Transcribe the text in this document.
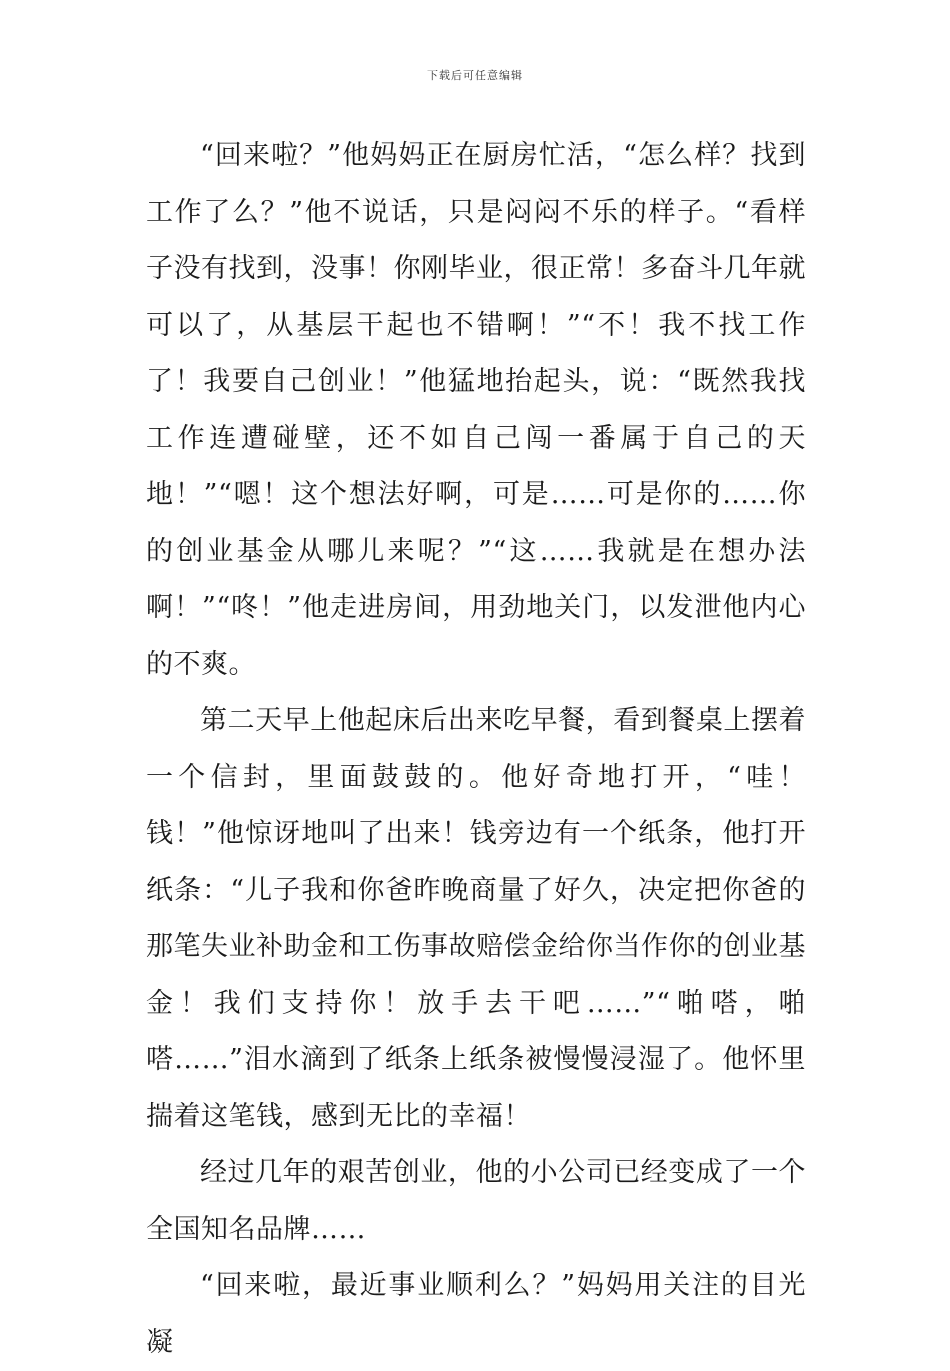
下载后可任意编辑

“回来啦？”他妈妈正在厨房忙活，“怎么样？找到工作了么？”他不说话，只是闷闷不乐的样子。“看样子没有找到，没事！你刚毕业，很正常！多奋斗几年就可以了，从基层干起也不错啊！”“不！我不找工作了！我要自己创业！”他猛地抬起头，说：“既然我找工作连遭碰壁，还不如自己闯一番属于自己的天地！”“嗯！这个想法好啊，可是……可是你的……你的创业基金从哪儿来呢？”“这……我就是在想办法啊！”“咚！”他走进房间，用劲地关门，以发泄他内心的不爽。

第二天早上他起床后出来吃早餐，看到餐桌上摆着一个信封，里面鼓鼓的。他好奇地打开，“哇！钱！”他惊讶地叫了出来！钱旁边有一个纸条，他打开纸条：“儿子我和你爸昨晚商量了好久，决定把你爸的那笔失业补助金和工伤事故赔偿金给你当作你的创业基金！我们支持你！放手去干吧……”“啪嗒，啪嗒……”泪水滴到了纸条上纸条被慢慢浸湿了。他怀里揣着这笔钱，感到无比的幸福！

经过几年的艰苦创业，他的小公司已经变成了一个全国知名品牌……

“回来啦，最近事业顺利么？”妈妈用关注的目光凝
